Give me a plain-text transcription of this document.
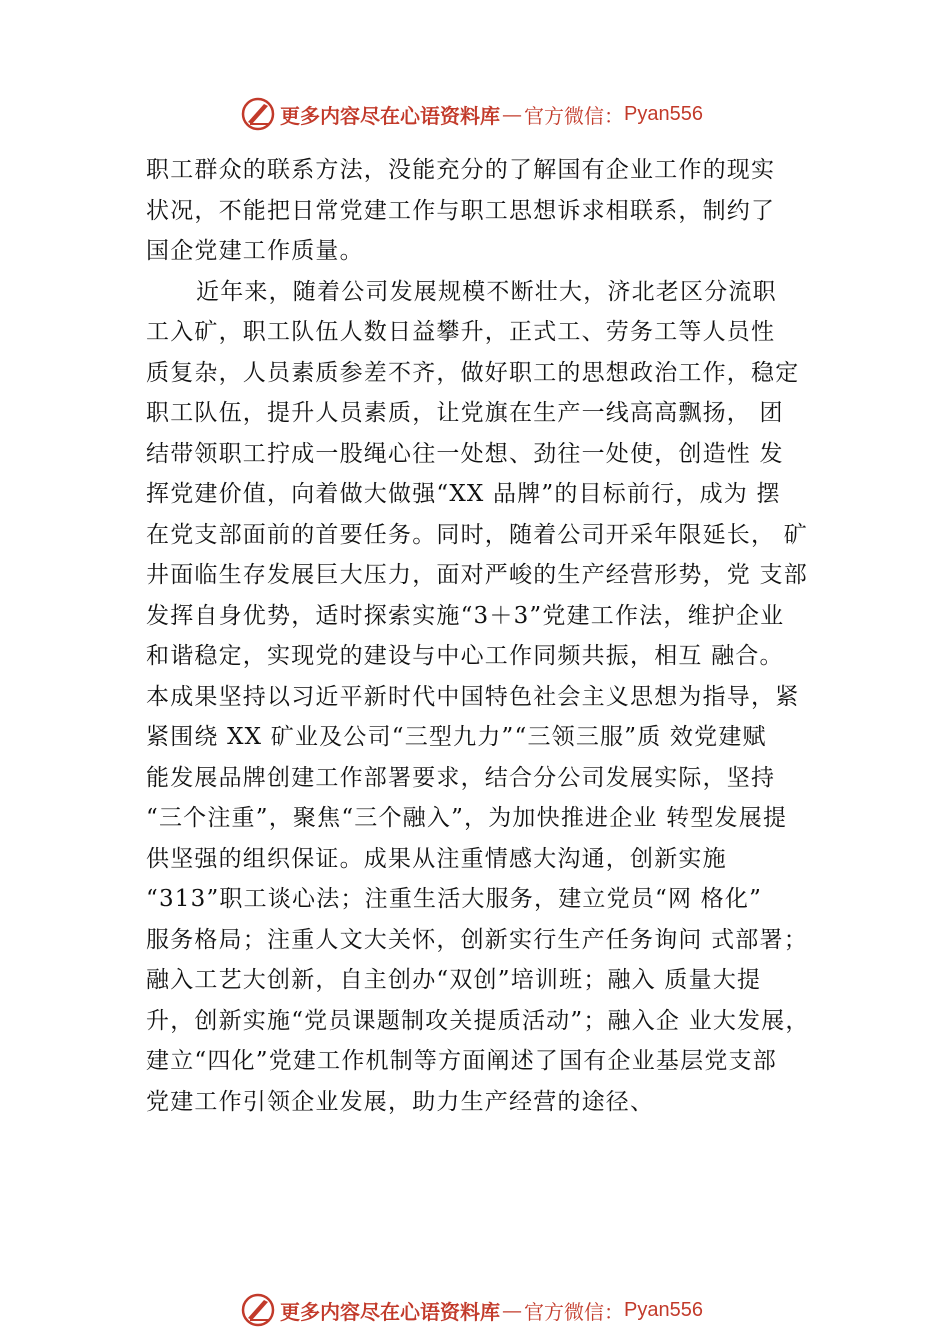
更多内容尽在心语资料库 — 官方微信： Pyan556
职工群众的联系方法，没能充分的了解国有企业工作的现实
状况，不能把日常党建工作与职工思想诉求相联系，制约了
国企党建工作质量。
近年来，随着公司发展规模不断壮大，济北老区分流职
工入矿，职工队伍人数日益攀升，正式工、劳务工等人员性
质复杂，人员素质参差不齐，做好职工的思想政治工作，稳定
职工队伍，提升人员素质，让党旗在生产一线高高飘扬， 团
结带领职工拧成一股绳心往一处想、劲往一处使，创造性 发
挥党建价值，向着做大做强“XX 品牌”的目标前行，成为 摆
在党支部面前的首要任务。同时，随着公司开采年限延长， 矿
井面临生存发展巨大压力，面对严峻的生产经营形势，党 支部
发挥自身优势，适时探索实施“3＋3”党建工作法，维护企业
和谐稳定，实现党的建设与中心工作同频共振，相互 融合。
本成果坚持以习近平新时代中国特色社会主义思想为指导，紧
紧围绕 XX 矿业及公司“三型九力”“三领三服”质 效党建赋
能发展品牌创建工作部署要求，结合分公司发展实际，坚持
“三个注重”，聚焦“三个融入”，为加快推进企业 转型发展提
供坚强的组织保证。成果从注重情感大沟通，创新实施
“313”职工谈心法；注重生活大服务，建立党员“网 格化”
服务格局；注重人文大关怀，创新实行生产任务询问 式部署；
融入工艺大创新，自主创办“双创”培训班；融入 质量大提
升，创新实施“党员课题制攻关提质活动”；融入企 业大发展，
建立“四化”党建工作机制等方面阐述了国有企业基层党支部
党建工作引领企业发展，助力生产经营的途径、
更多内容尽在心语资料库 — 官方微信： Pyan556
